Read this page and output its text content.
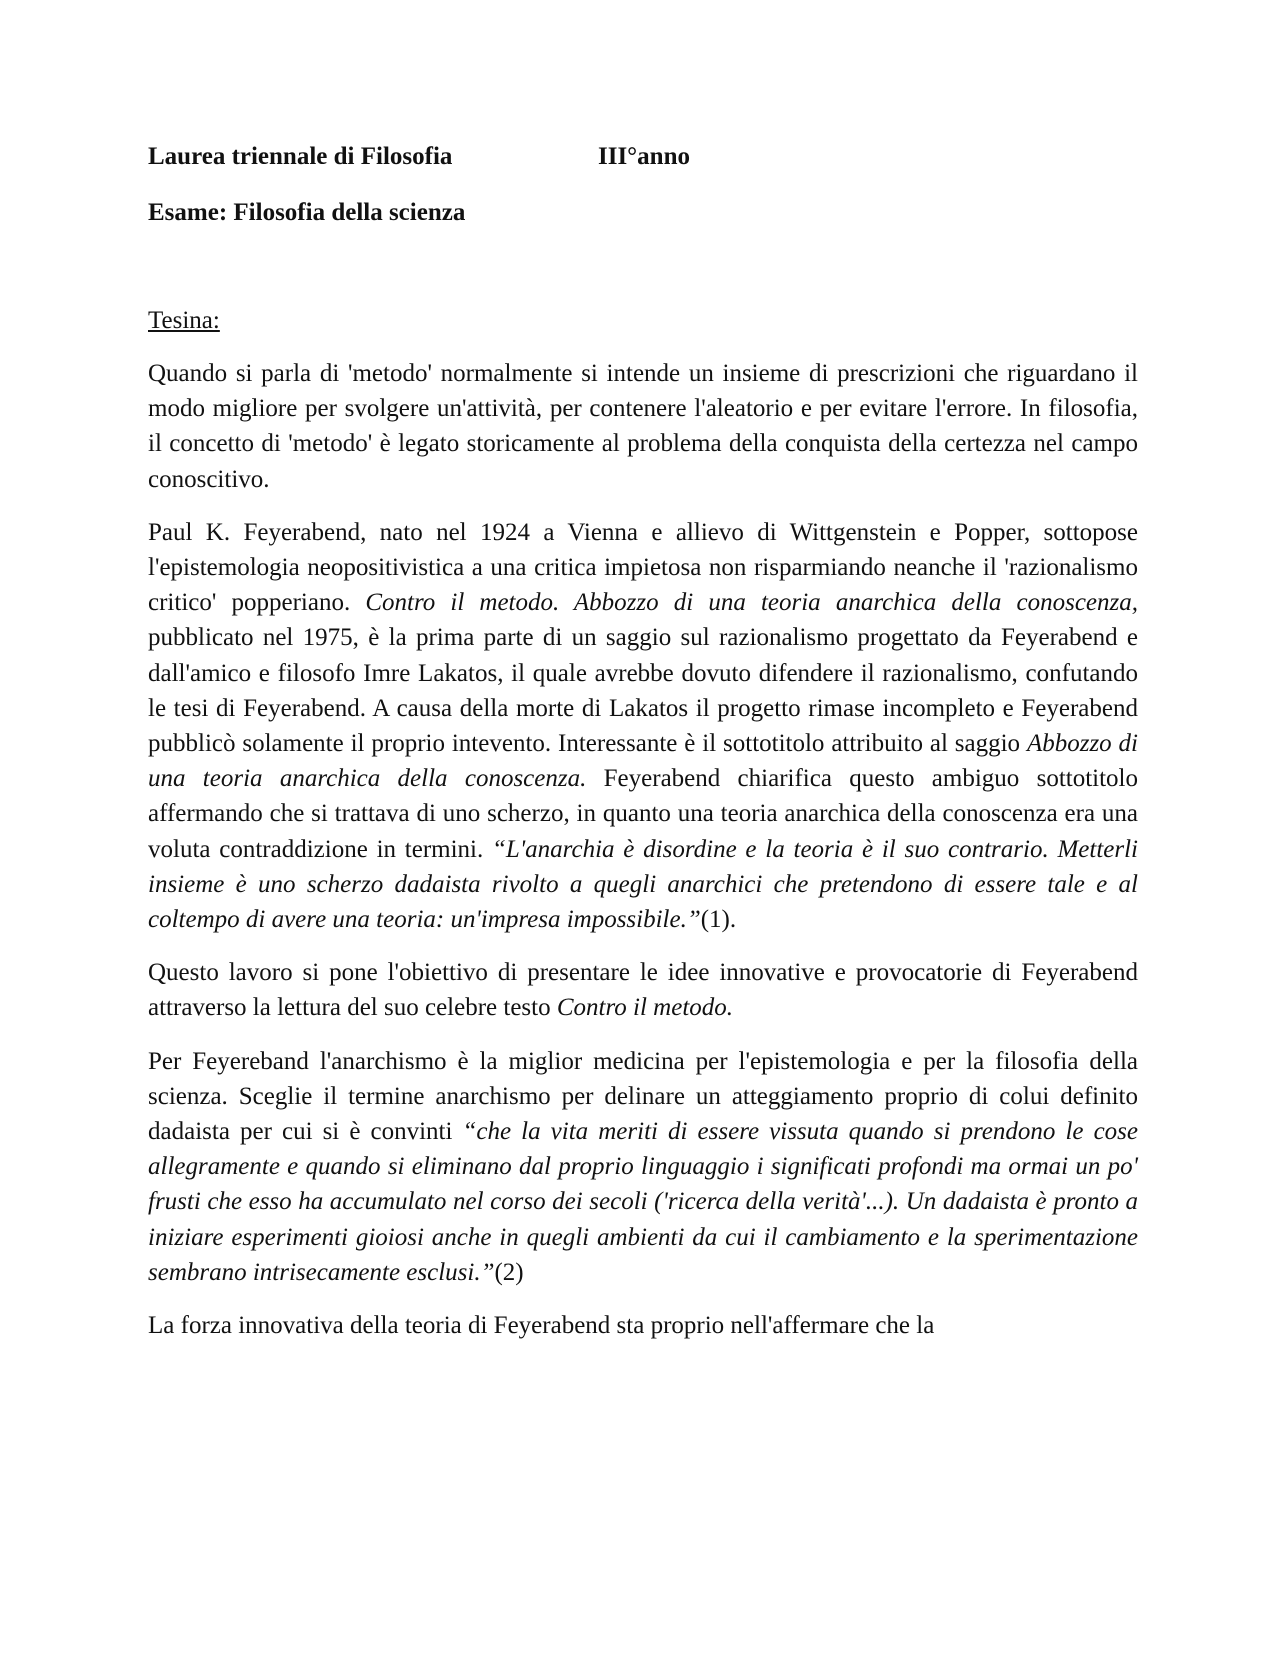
Laurea triennale di Filosofia	III°anno

Esame: Filosofia della scienza

Tesina:

Quando si parla di 'metodo' normalmente si intende un insieme di prescrizioni che riguardano il modo migliore per svolgere un'attività, per contenere l'aleatorio e per evitare l'errore. In filosofia, il concetto di 'metodo' è legato storicamente al problema della conquista della certezza nel campo conoscitivo.

Paul K. Feyerabend, nato nel 1924 a Vienna e allievo di Wittgenstein e Popper, sottopose l'epistemologia neopositivistica a una critica impietosa non risparmiando neanche il 'razionalismo critico' popperiano. Contro il metodo. Abbozzo di una teoria anarchica della conoscenza, pubblicato nel 1975, è la prima parte di un saggio sul razionalismo progettato da Feyerabend e dall'amico e filosofo Imre Lakatos, il quale avrebbe dovuto difendere il razionalismo, confutando le tesi di Feyerabend. A causa della morte di Lakatos il progetto rimase incompleto e Feyerabend pubblicò solamente il proprio intevento. Interessante è il sottotitolo attribuito al saggio Abbozzo di una teoria anarchica della conoscenza. Feyerabend chiarifica questo ambiguo sottotitolo affermando che si trattava di uno scherzo, in quanto una teoria anarchica della conoscenza era una voluta contraddizione in termini. “L'anarchia è disordine e la teoria è il suo contrario. Metterli insieme è uno scherzo dadaista rivolto a quegli anarchici che pretendono di essere tale e al coltempo di avere una teoria: un'impresa impossibile.”(1).

Questo lavoro si pone l'obiettivo di presentare le idee innovative e provocatorie di Feyerabend attraverso la lettura del suo celebre testo Contro il metodo.

Per Feyereband l'anarchismo è la miglior medicina per l'epistemologia e per la filosofia della scienza. Sceglie il termine anarchismo per delinare un atteggiamento proprio di colui definito dadaista per cui si è convinti “che la vita meriti di essere vissuta quando si prendono le cose allegramente e quando si eliminano dal proprio linguaggio i significati profondi ma ormai un po' frusti che esso ha accumulato nel corso dei secoli ('ricerca della verità'...). Un dadaista è pronto a iniziare esperimenti gioiosi anche in quegli ambienti da cui il cambiamento e la sperimentazione sembrano intrisecamente esclusi.”(2)

La forza innovativa della teoria di Feyerabend sta proprio nell'affermare che la
